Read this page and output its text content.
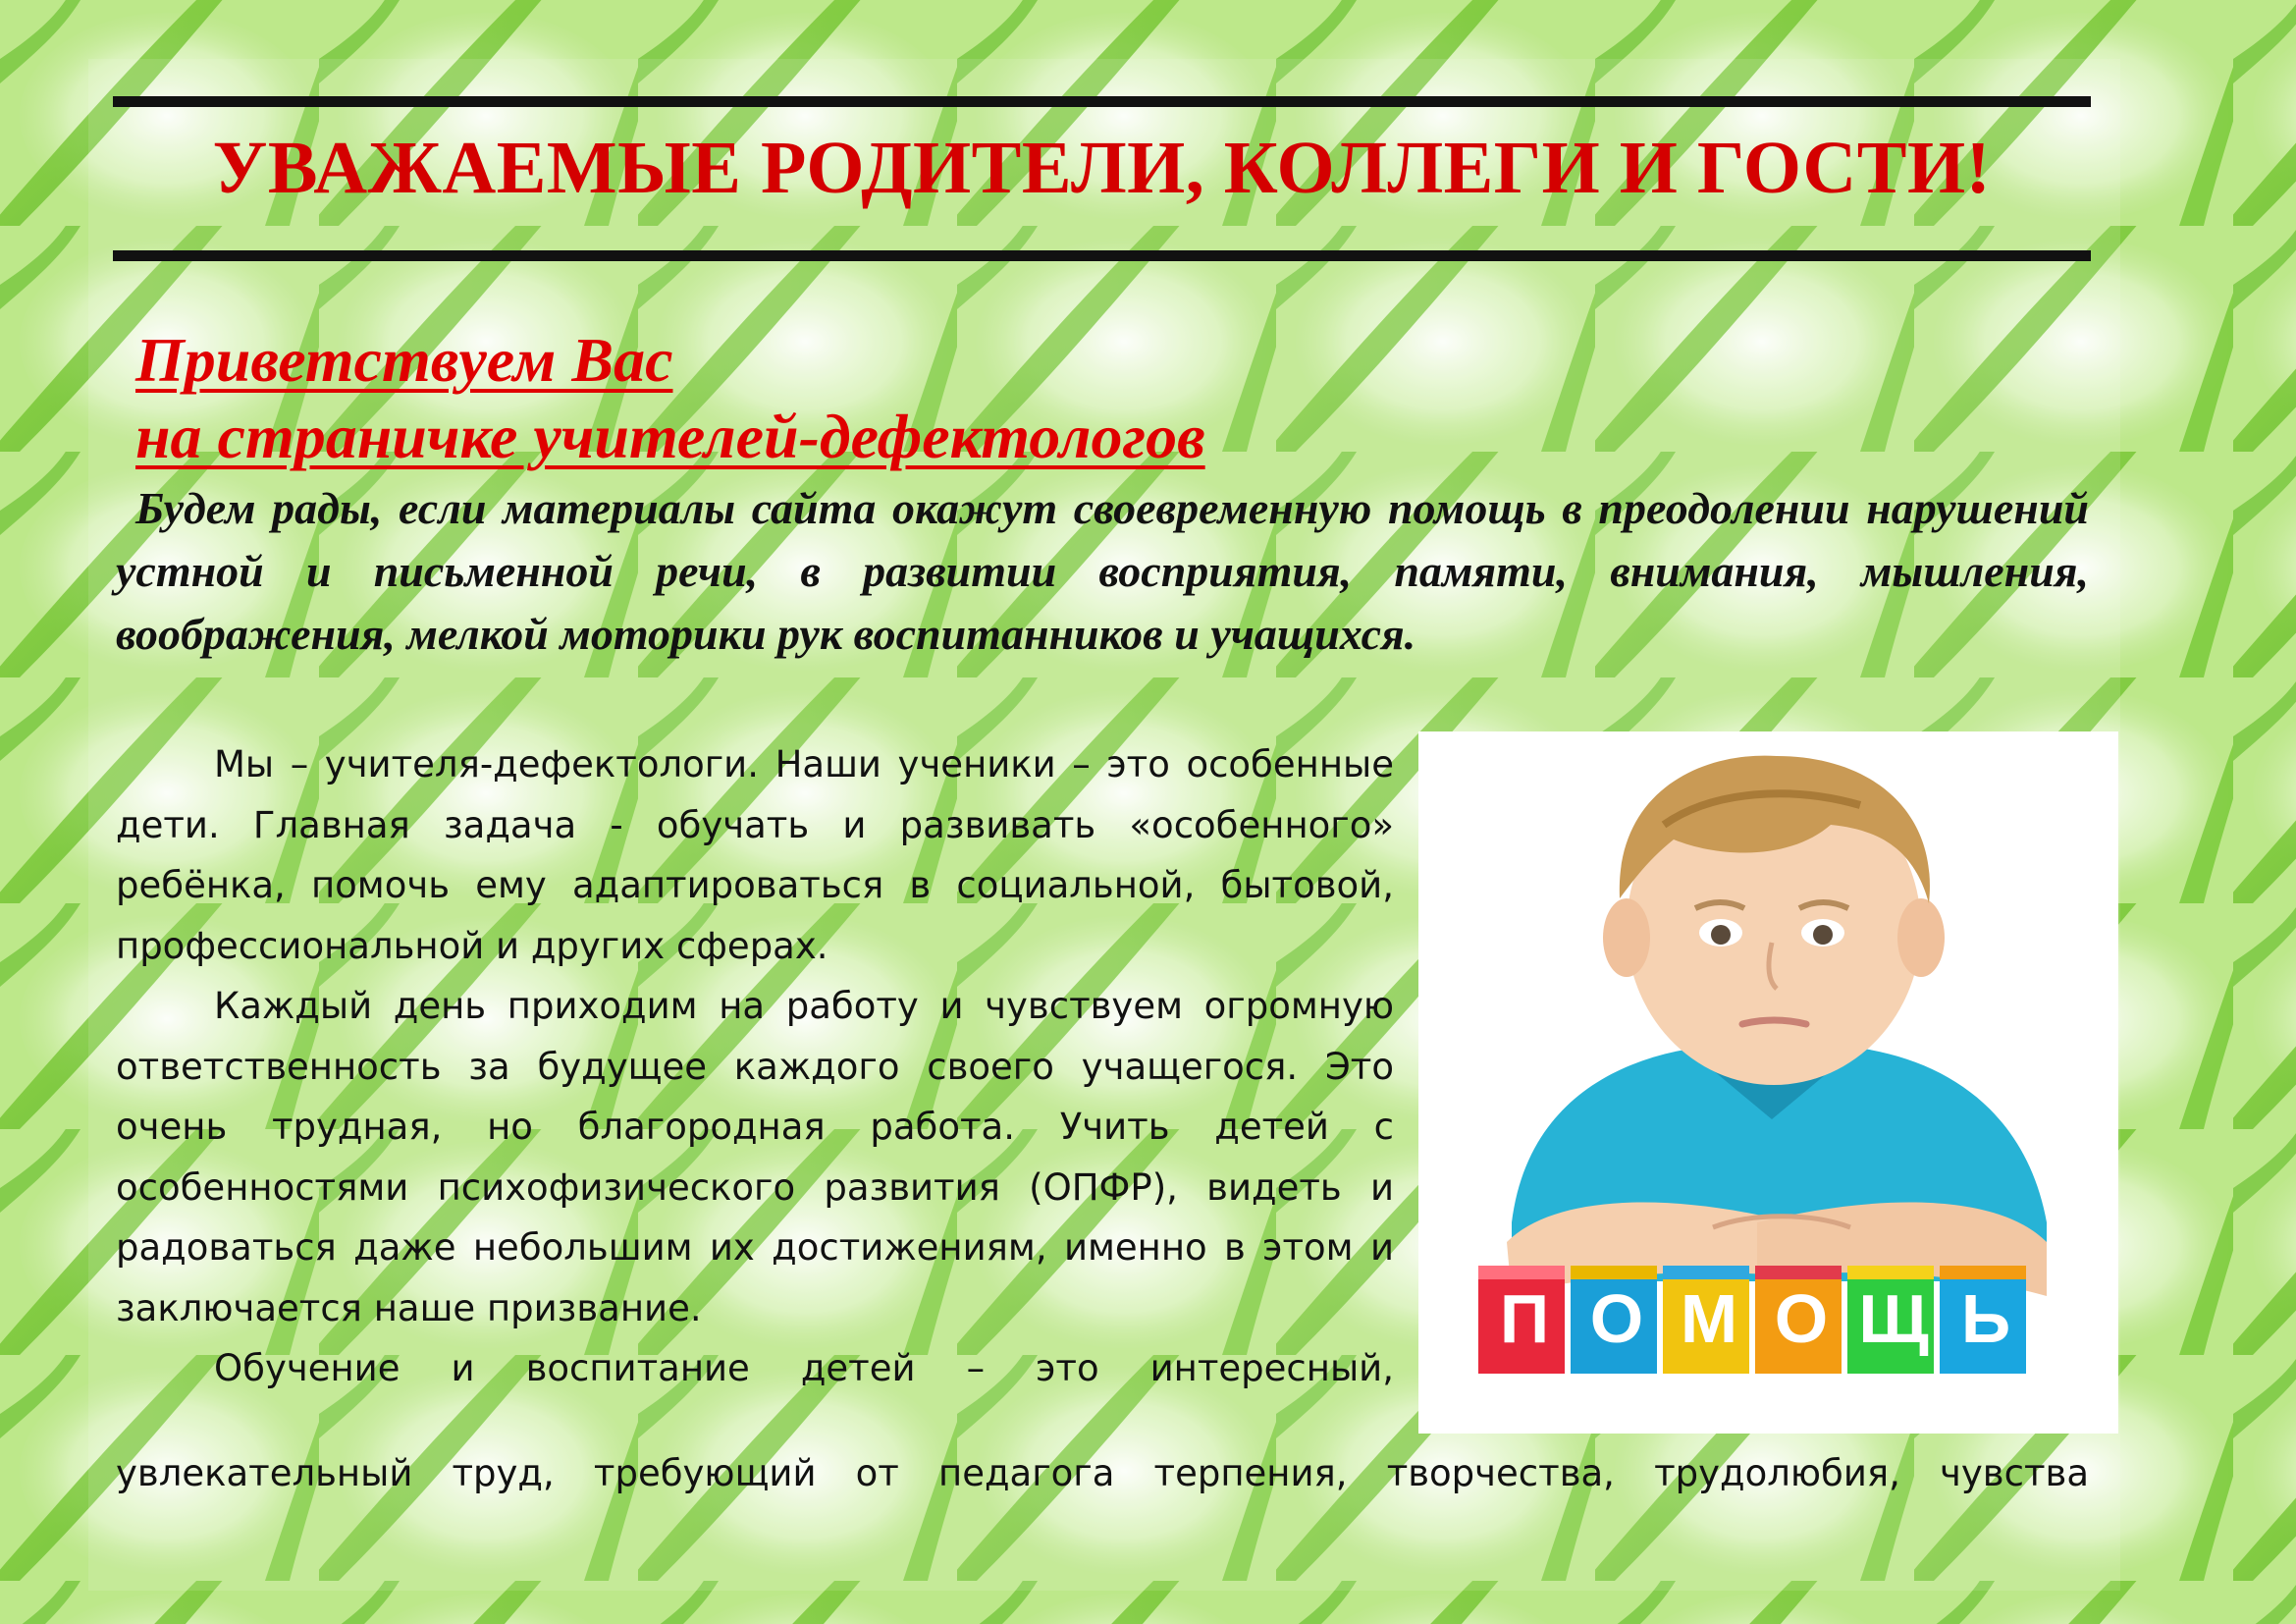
УВАЖАЕМЫЕ РОДИТЕЛИ, КОЛЛЕГИ И ГОСТИ!
Приветствуем Вас
на страничке учителей-дефектологов

Будем рады, если материалы сайта окажут своевременную помощь в преодолении нарушений устной и письменной речи, в развитии восприятия, памяти, внимания, мышления, воображения, мелкой моторики рук воспитанников и учащихся.

Мы – учителя-дефектологи. Наши ученики – это особенные дети. Главная задача - обучать и развивать «особенного» ребёнка, помочь ему адаптироваться в социальной, бытовой, профессиональной и других сферах.

Каждый день приходим на работу и чувствуем огромную ответственность за будущее каждого своего учащегося. Это очень трудная, но благородная работа. Учить детей с особенностями психофизического развития (ОПФР), видеть и радоваться даже небольшим их достижениям, именно в этом и заключается наше призвание.

Обучение и воспитание детей – это интересный,

увлекательный труд, требующий от педагога терпения, творчества, трудолюбия, чувства

П О М О Щ Ь
